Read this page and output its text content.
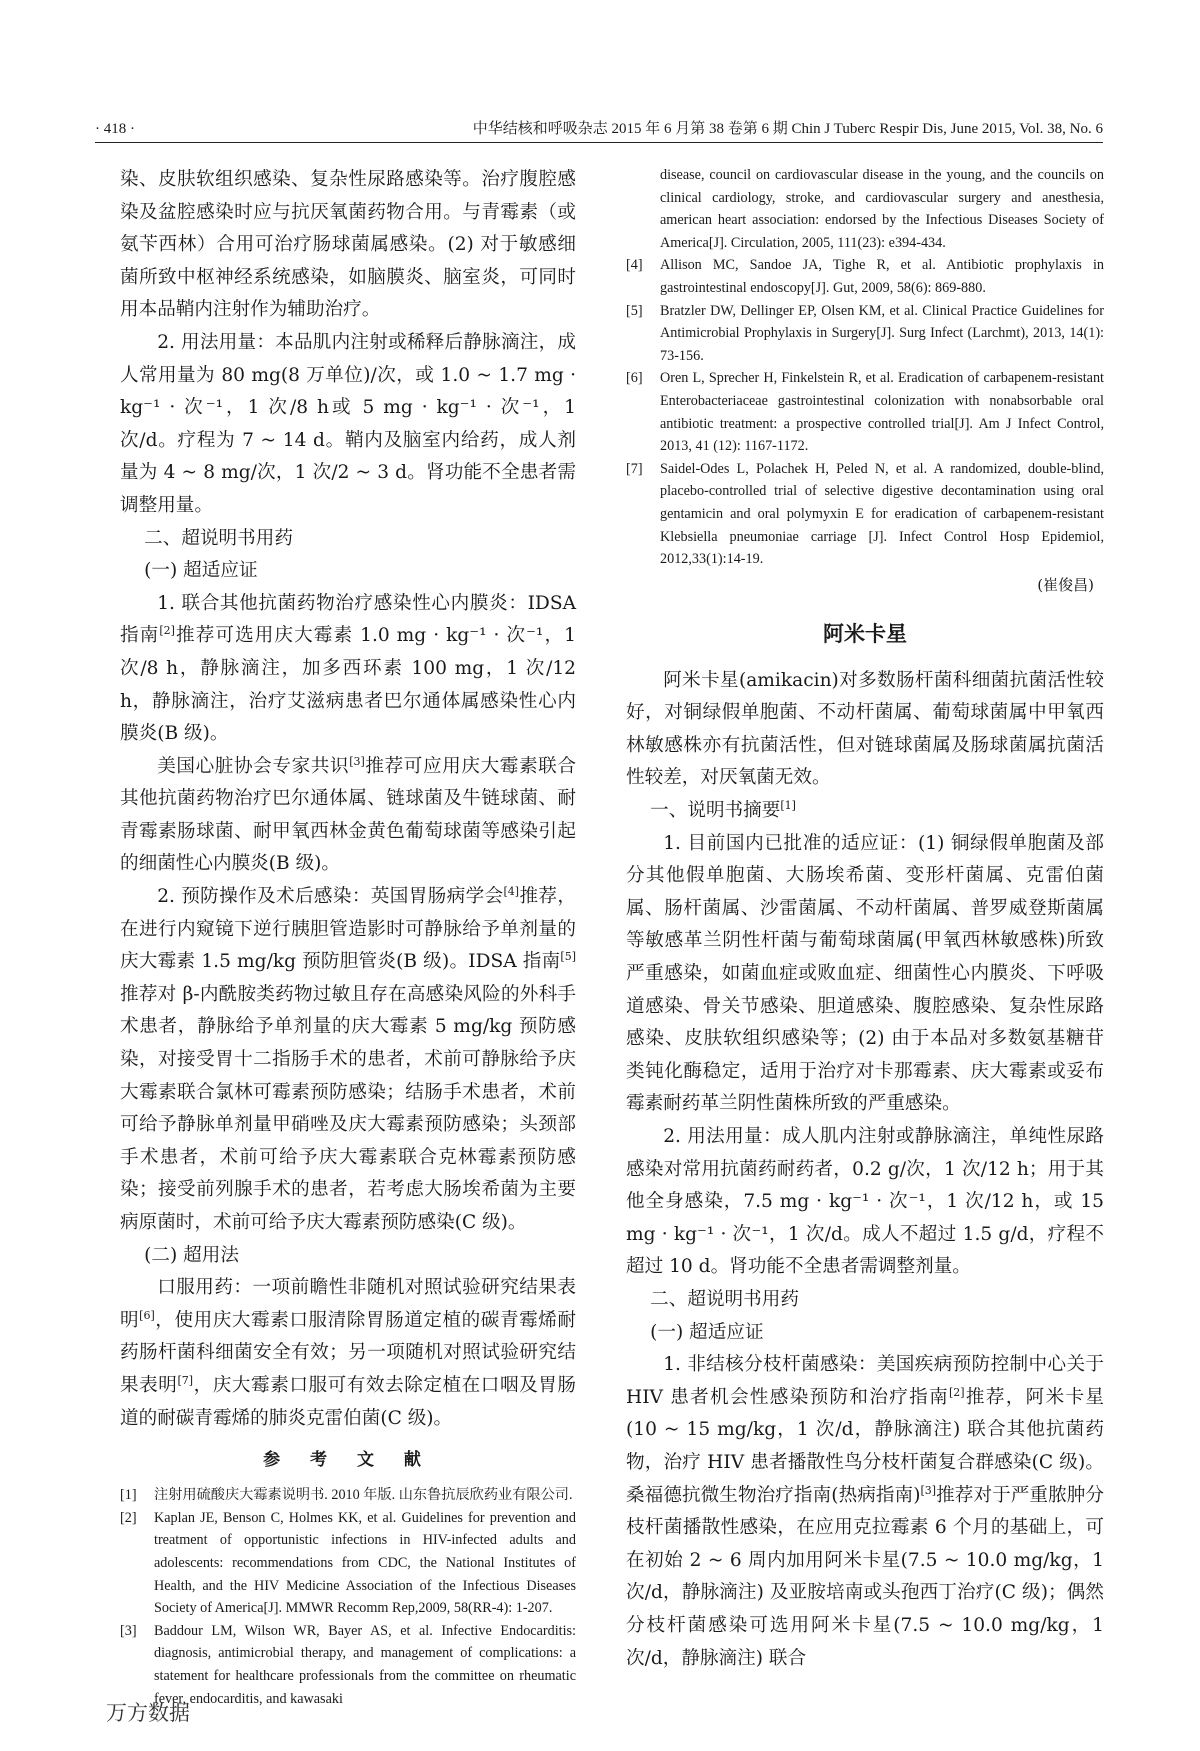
· 418 ·	中华结核和呼吸杂志 2015 年 6 月第 38 卷第 6 期 Chin J Tuberc Respir Dis, June 2015, Vol. 38, No. 6

染、皮肤软组织感染、复杂性尿路感染等。治疗腹腔感染及盆腔感染时应与抗厌氧菌药物合用。与青霉素（或氨苄西林）合用可治疗肠球菌属感染。(2) 对于敏感细菌所致中枢神经系统感染，如脑膜炎、脑室炎，可同时用本品鞘内注射作为辅助治疗。

2. 用法用量：本品肌内注射或稀释后静脉滴注，成人常用量为 80 mg(8 万单位)/次，或 1.0 ~ 1.7 mg · kg⁻¹ · 次⁻¹，1 次/8 h或 5 mg · kg⁻¹ · 次⁻¹，1 次/d。疗程为 7 ~ 14 d。鞘内及脑室内给药，成人剂量为 4 ~ 8 mg/次，1 次/2 ~ 3 d。肾功能不全患者需调整用量。

二、超说明书用药

(一) 超适应证

1. 联合其他抗菌药物治疗感染性心内膜炎：IDSA 指南[2]推荐可选用庆大霉素 1.0 mg · kg⁻¹ · 次⁻¹，1 次/8 h，静脉滴注，加多西环素 100 mg，1 次/12 h，静脉滴注，治疗艾滋病患者巴尔通体属感染性心内膜炎(B 级)。

美国心脏协会专家共识[3]推荐可应用庆大霉素联合其他抗菌药物治疗巴尔通体属、链球菌及牛链球菌、耐青霉素肠球菌、耐甲氧西林金黄色葡萄球菌等感染引起的细菌性心内膜炎(B 级)。

2. 预防操作及术后感染：英国胃肠病学会[4]推荐，在进行内窥镜下逆行胰胆管造影时可静脉给予单剂量的庆大霉素 1.5 mg/kg 预防胆管炎(B 级)。IDSA 指南[5]推荐对 β-内酰胺类药物过敏且存在高感染风险的外科手术患者，静脉给予单剂量的庆大霉素 5 mg/kg 预防感染，对接受胃十二指肠手术的患者，术前可静脉给予庆大霉素联合氯林可霉素预防感染；结肠手术患者，术前可给予静脉单剂量甲硝唑及庆大霉素预防感染；头颈部手术患者，术前可给予庆大霉素联合克林霉素预防感染；接受前列腺手术的患者，若考虑大肠埃希菌为主要病原菌时，术前可给予庆大霉素预防感染(C 级)。

(二) 超用法

口服用药：一项前瞻性非随机对照试验研究结果表明[6]，使用庆大霉素口服清除胃肠道定植的碳青霉烯耐药肠杆菌科细菌安全有效；另一项随机对照试验研究结果表明[7]，庆大霉素口服可有效去除定植在口咽及胃肠道的耐碳青霉烯的肺炎克雷伯菌(C 级)。

参 考 文 献
[1]	注射用硫酸庆大霉素说明书. 2010 年版. 山东鲁抗辰欣药业有限公司.
[2]	Kaplan JE, Benson C, Holmes KK, et al. Guidelines for prevention and treatment of opportunistic infections in HIV-infected adults and adolescents: recommendations from CDC, the National Institutes of Health, and the HIV Medicine Association of the Infectious Diseases Society of America[J]. MMWR Recomm Rep,2009, 58(RR-4): 1-207.
[3]	Baddour LM, Wilson WR, Bayer AS, et al. Infective Endocarditis: diagnosis, antimicrobial therapy, and management of complications: a statement for healthcare professionals from the committee on rheumatic fever, endocarditis, and kawasaki
disease, council on cardiovascular disease in the young, and the councils on clinical cardiology, stroke, and cardiovascular surgery and anesthesia, american heart association: endorsed by the Infectious Diseases Society of America[J]. Circulation, 2005, 111(23): e394-434.
[4]	Allison MC, Sandoe JA, Tighe R, et al. Antibiotic prophylaxis in gastrointestinal endoscopy[J]. Gut, 2009, 58(6): 869-880.
[5]	Bratzler DW, Dellinger EP, Olsen KM, et al. Clinical Practice Guidelines for Antimicrobial Prophylaxis in Surgery[J]. Surg Infect (Larchmt), 2013, 14(1): 73-156.
[6]	Oren L, Sprecher H, Finkelstein R, et al. Eradication of carbapenem-resistant Enterobacteriaceae gastrointestinal colonization with nonabsorbable oral antibiotic treatment: a prospective controlled trial[J]. Am J Infect Control, 2013, 41 (12): 1167-1172.
[7]	Saidel-Odes L, Polachek H, Peled N, et al. A randomized, double-blind, placebo-controlled trial of selective digestive decontamination using oral gentamicin and oral polymyxin E for eradication of carbapenem-resistant Klebsiella pneumoniae carriage [J]. Infect Control Hosp Epidemiol, 2012,33(1):14-19.
(崔俊昌)
阿米卡星

阿米卡星(amikacin)对多数肠杆菌科细菌抗菌活性较好，对铜绿假单胞菌、不动杆菌属、葡萄球菌属中甲氧西林敏感株亦有抗菌活性，但对链球菌属及肠球菌属抗菌活性较差，对厌氧菌无效。

一、说明书摘要[1]

1. 目前国内已批准的适应证：(1) 铜绿假单胞菌及部分其他假单胞菌、大肠埃希菌、变形杆菌属、克雷伯菌属、肠杆菌属、沙雷菌属、不动杆菌属、普罗威登斯菌属等敏感革兰阴性杆菌与葡萄球菌属(甲氧西林敏感株)所致严重感染，如菌血症或败血症、细菌性心内膜炎、下呼吸道感染、骨关节感染、胆道感染、腹腔感染、复杂性尿路感染、皮肤软组织感染等；(2) 由于本品对多数氨基糖苷类钝化酶稳定，适用于治疗对卡那霉素、庆大霉素或妥布霉素耐药革兰阴性菌株所致的严重感染。

2. 用法用量：成人肌内注射或静脉滴注，单纯性尿路感染对常用抗菌药耐药者，0.2 g/次，1 次/12 h；用于其他全身感染，7.5 mg · kg⁻¹ · 次⁻¹，1 次/12 h，或 15 mg · kg⁻¹ · 次⁻¹，1 次/d。成人不超过 1.5 g/d，疗程不超过 10 d。肾功能不全患者需调整剂量。

二、超说明书用药

(一) 超适应证

1. 非结核分枝杆菌感染：美国疾病预防控制中心关于 HIV 患者机会性感染预防和治疗指南[2]推荐，阿米卡星 (10 ~ 15 mg/kg，1 次/d，静脉滴注) 联合其他抗菌药物，治疗 HIV 患者播散性鸟分枝杆菌复合群感染(C 级)。桑福德抗微生物治疗指南(热病指南)[3]推荐对于严重脓肿分枝杆菌播散性感染，在应用克拉霉素 6 个月的基础上，可在初始 2 ~ 6 周内加用阿米卡星(7.5 ~ 10.0 mg/kg，1 次/d，静脉滴注) 及亚胺培南或头孢西丁治疗(C 级)；偶然分枝杆菌感染可选用阿米卡星(7.5 ~ 10.0 mg/kg，1 次/d，静脉滴注) 联合

万方数据
